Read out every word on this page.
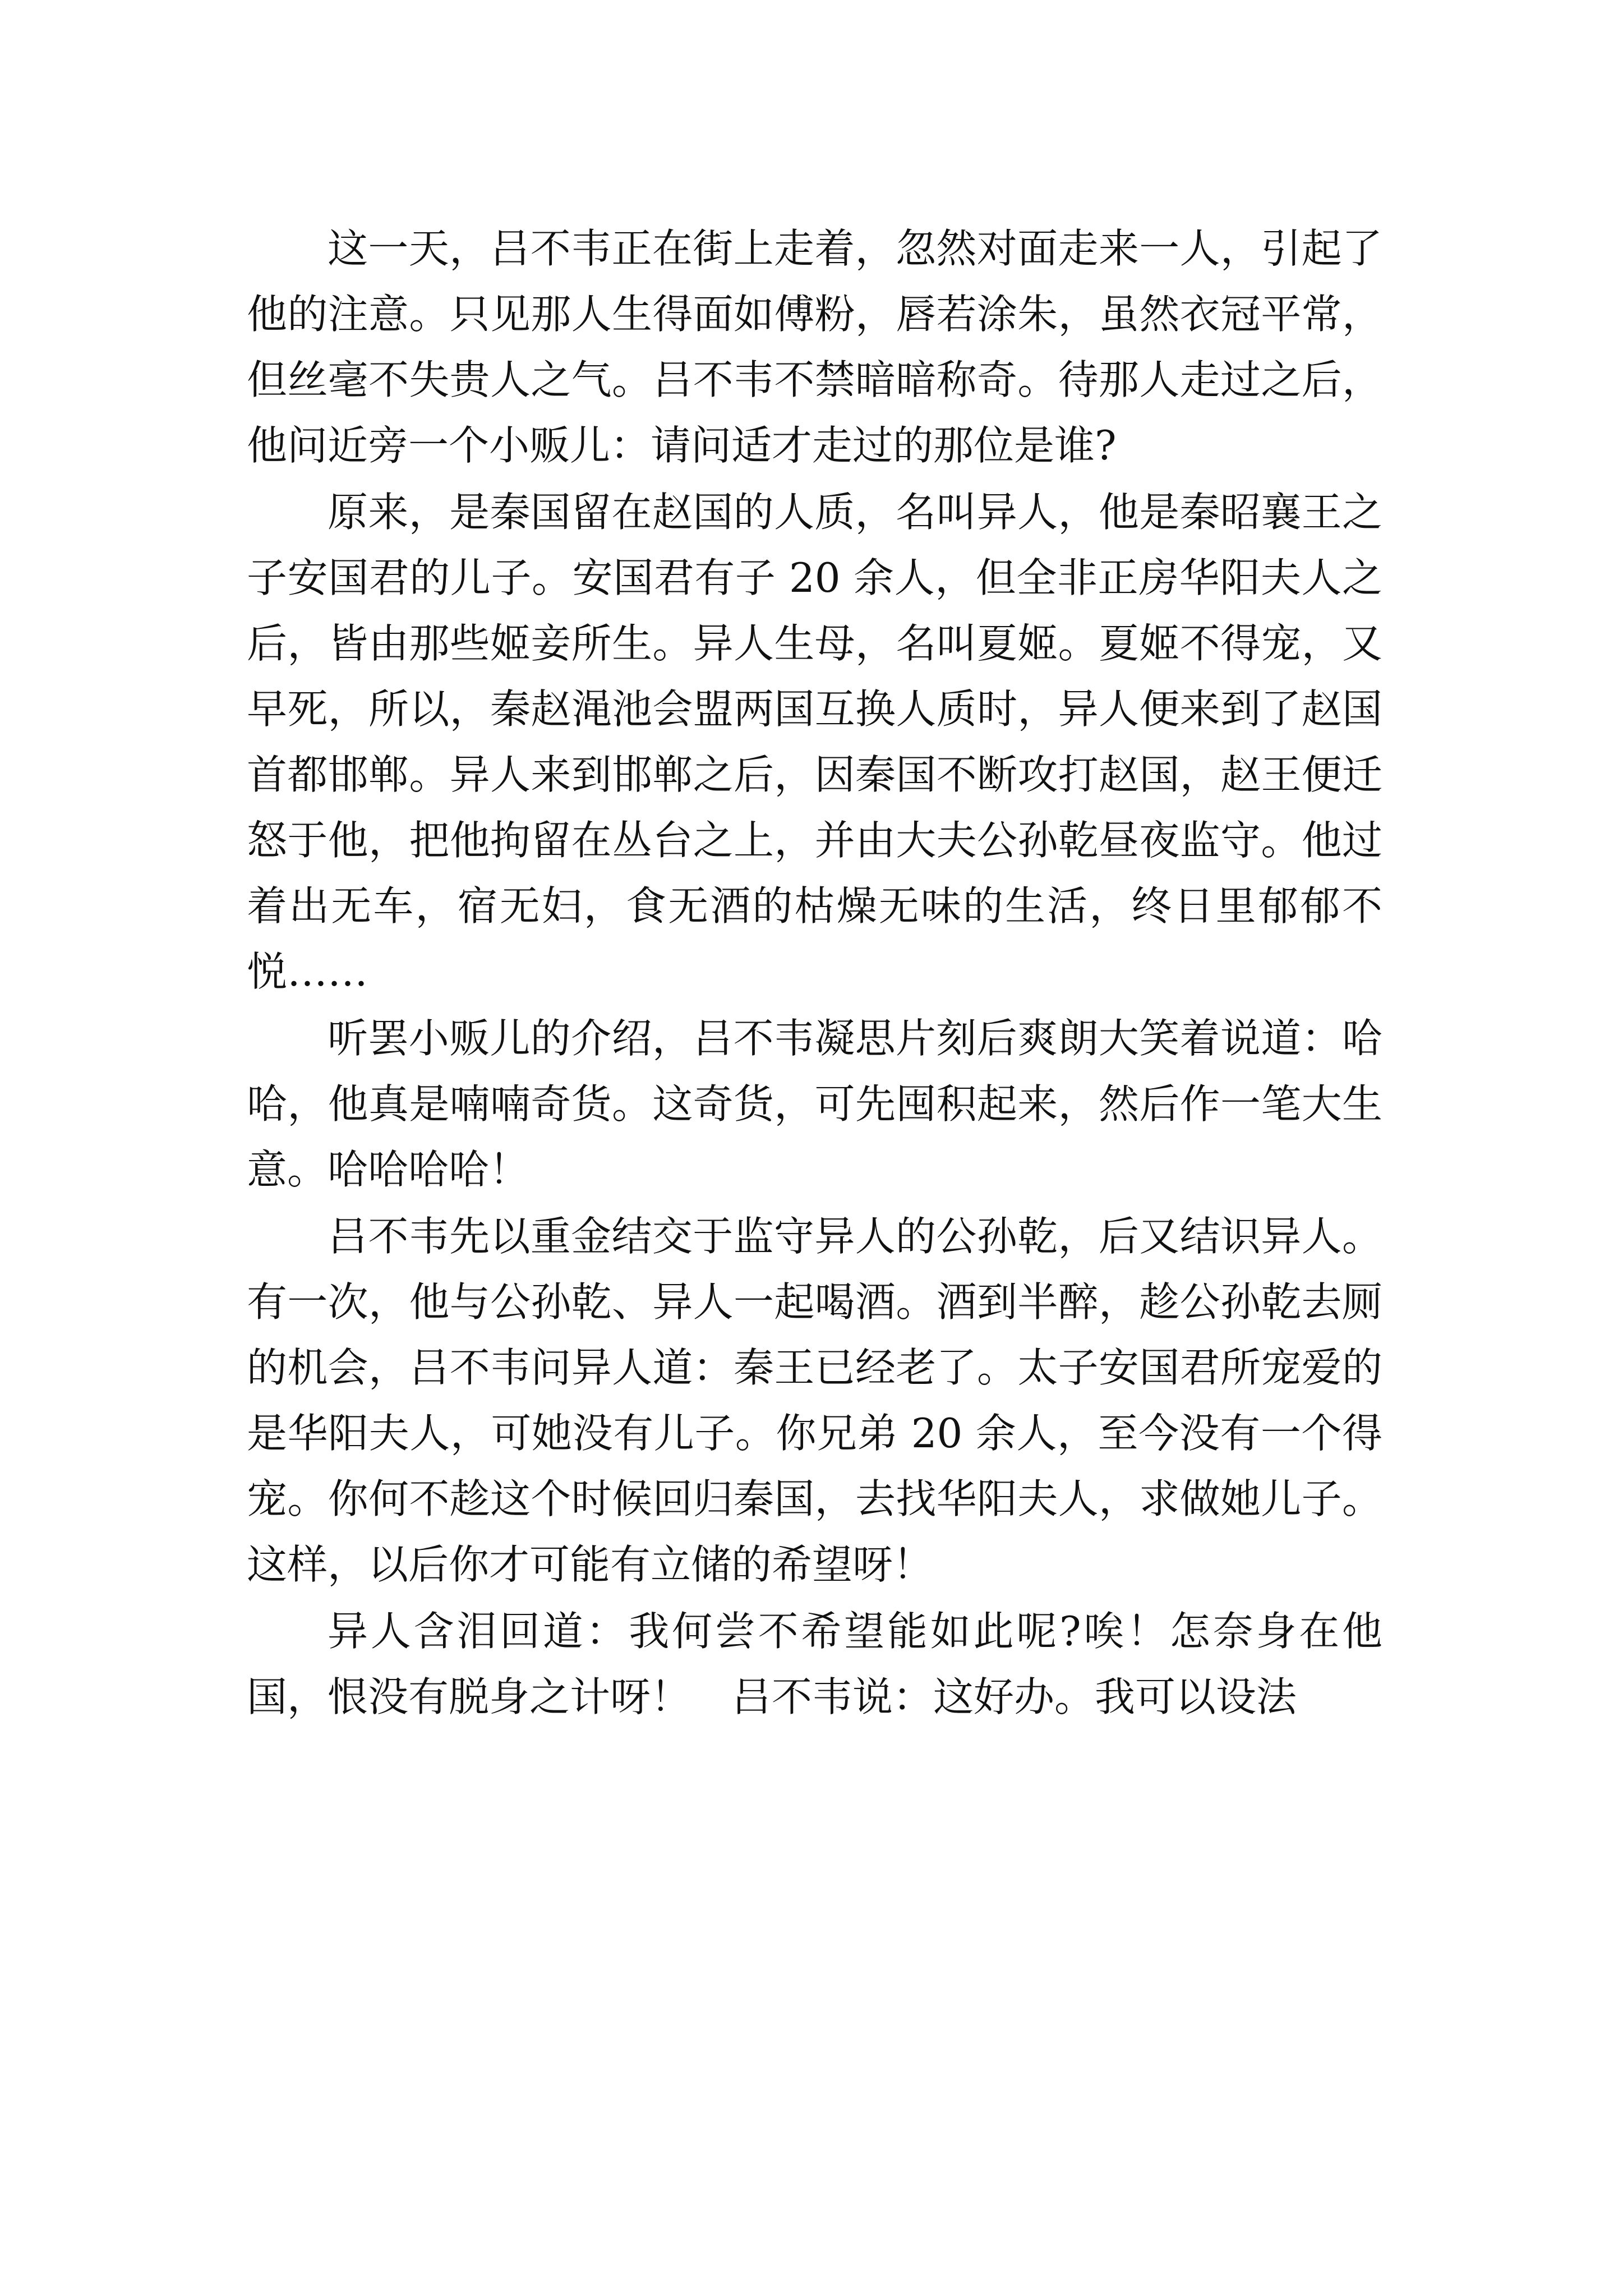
这一天，吕不韦正在街上走着，忽然对面走来一人，引起了他的注意。只见那人生得面如傅粉，唇若涂朱，虽然衣冠平常，但丝毫不失贵人之气。吕不韦不禁暗暗称奇。待那人走过之后，他问近旁一个小贩儿：请问适才走过的那位是谁?

原来，是秦国留在赵国的人质，名叫异人，他是秦昭襄王之子安国君的儿子。安国君有子 20 余人，但全非正房华阳夫人之后，皆由那些姬妾所生。异人生母，名叫夏姬。夏姬不得宠，又早死，所以，秦赵渑池会盟两国互换人质时，异人便来到了赵国首都邯郸。异人来到邯郸之后，因秦国不断攻打赵国，赵王便迁怒于他，把他拘留在丛台之上，并由大夫公孙乾昼夜监守。他过着出无车，宿无妇，食无酒的枯燥无味的生活，终日里郁郁不悦……

听罢小贩儿的介绍，吕不韦凝思片刻后爽朗大笑着说道：哈哈，他真是喃喃奇货。这奇货，可先囤积起来，然后作一笔大生意。哈哈哈哈！

吕不韦先以重金结交于监守异人的公孙乾，后又结识异人。有一次，他与公孙乾、异人一起喝酒。酒到半醉，趁公孙乾去厕的机会，吕不韦问异人道：秦王已经老了。太子安国君所宠爱的是华阳夫人，可她没有儿子。你兄弟 20 余人，至今没有一个得宠。你何不趁这个时候回归秦国，去找华阳夫人，求做她儿子。这样，以后你才可能有立储的希望呀！

异人含泪回道：我何尝不希望能如此呢?唉！怎奈身在他国，恨没有脱身之计呀！　吕不韦说：这好办。我可以设法
